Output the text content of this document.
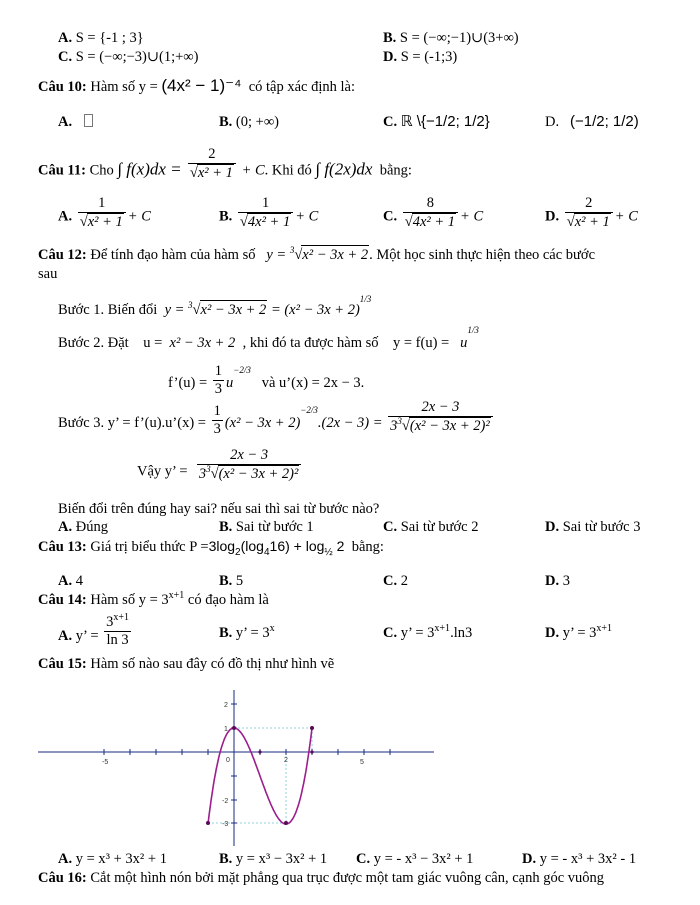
A. S = {-1 ; 3}	B. S = (−∞;−1)∪(3+∞)
C. S = (−∞;−3)∪(1;+∞)	D. S = (-1;3)
Câu 10: Hàm số y = (4x² − 1)⁻⁴ có tập xác định là:
A.	B. (0; +∞)	C. ℝ \{−1/2; 1/2}	D. (−1/2; 1/2)
Câu 11: Cho ∫ $f(x)dx = \frac{2}{\text{√x² + 1}} + C$. Khi đó ∫ f(2x)dx bằng:
A. $\frac{1}{\text{√x² + 1}} + C$	B. $\frac{1}{\text{√4x² + 1}} + C$	C. $\frac{8}{\text{√4x² + 1}} + C$	D. $\frac{2}{\text{√x² + 1}} + C$
Câu 12: Để tính đạo hàm của hàm số y = $^3$√x² − 3x + 2. Một học sinh thực hiện theo các bước
sau
Bước 1. Biến đổi $y = ^3√x^2 - 3x + 2 = (x^2 - 3x + 2)^{1/3}$
Bước 2. Đặt u =  x² − 3x + 2 , khi đó ta được hàm số $y = f(u) = u^{1/3}$
f’(u) = $\frac{1}{3} u^{-2/3}$   và u’(x) = 2x − 3.
Bước 3. y’ = f’(u).u’(x) = $\frac{1}{3} (x^2 - 3x + 2)^{-2/3}.(2x - 3) = \frac{2x - 3}{3^3√(x^2 - 3x + 2)^2}$
Vậy y’ = $\frac{2x - 3}{3^3√(x^2 - 3x + 2)^2}$
Biến đổi trên đúng hay sai? nếu sai thì sai từ bước nào?
A. Đúng	B. Sai từ bước 1	C. Sai từ bước 2	D. Sai từ bước 3
Câu 13: Giá trị biểu thức $P =3\log_2(\log_416) + \log_{\frac{1}{2}} 2$ bằng:
A. 4	B. 5	C. 2	D. 3
Câu 14: Hàm số $y = 3^{x+1}$ có đạo hàm là
A. y’ = $\frac{3^{x+1}}{\ln 3}$	B. y’ = $3^x$	C. y’ = $3^{x+1}.\ln 3$	D. y’ = $3^{x+1}$
Câu 15: Hàm số nào sau đây có đồ thị như hình vẽ
-5	0	2	5
2
1
-2
-3
A. y = x³ + 3x² + 1	B. y = x³ − 3x² + 1 C. y = - x³ − 3x² + 1	D. y = - x³ + 3x² - 1
Câu 16: Cắt một hình nón bởi mặt phẳng qua trục được một tam giác vuông cân, cạnh góc vuông
